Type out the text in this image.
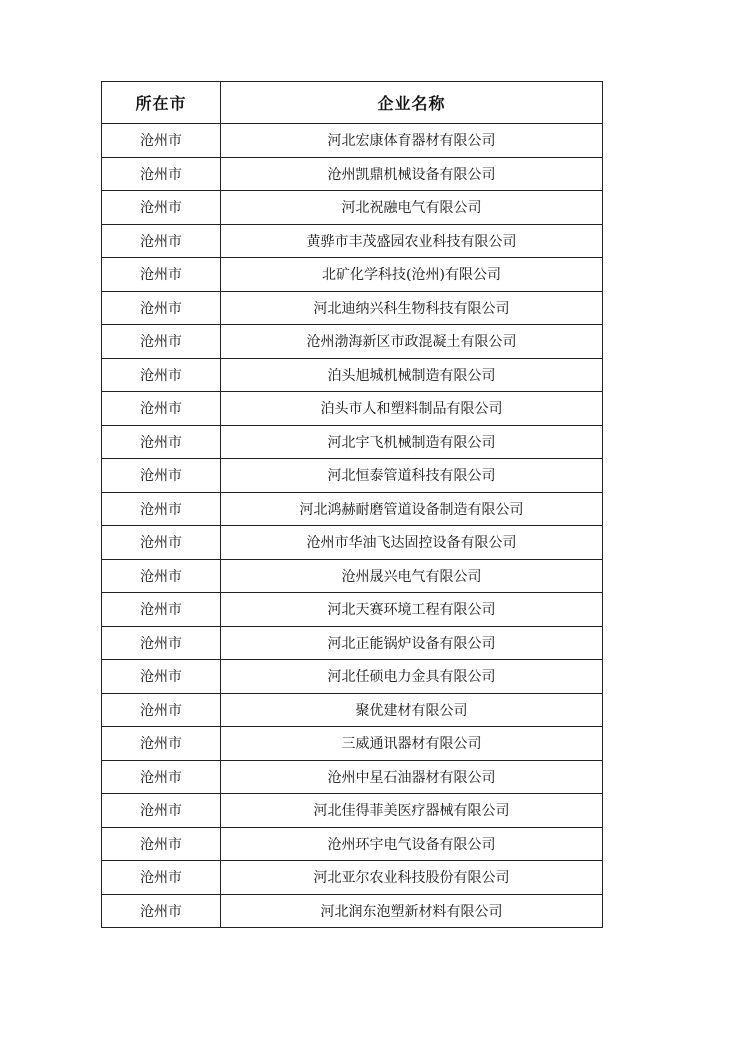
所在市	企业名称
沧州市	河北宏康体育器材有限公司
沧州市	沧州凯鼎机械设备有限公司
沧州市	河北祝融电气有限公司
沧州市	黄骅市丰茂盛园农业科技有限公司
沧州市	北矿化学科技(沧州)有限公司
沧州市	河北迪纳兴科生物科技有限公司
沧州市	沧州渤海新区市政混凝土有限公司
沧州市	泊头旭城机械制造有限公司
沧州市	泊头市人和塑料制品有限公司
沧州市	河北宇飞机械制造有限公司
沧州市	河北恒泰管道科技有限公司
沧州市	河北鸿赫耐磨管道设备制造有限公司
沧州市	沧州市华油飞达固控设备有限公司
沧州市	沧州晟兴电气有限公司
沧州市	河北天赛环境工程有限公司
沧州市	河北正能锅炉设备有限公司
沧州市	河北任硕电力金具有限公司
沧州市	聚优建材有限公司
沧州市	三威通讯器材有限公司
沧州市	沧州中星石油器材有限公司
沧州市	河北佳得菲美医疗器械有限公司
沧州市	沧州环宇电气设备有限公司
沧州市	河北亚尔农业科技股份有限公司
沧州市	河北润东泡塑新材料有限公司
